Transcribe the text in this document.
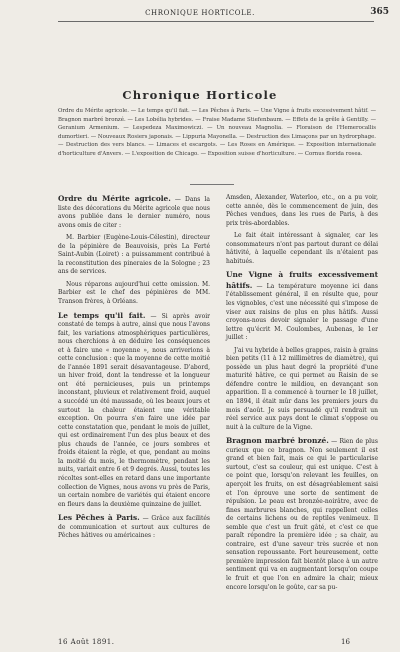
CHRONIQUE HORTICOLE.	365
Chronique Horticole
Ordre du Mérite agricole. — Le temps qu'il fait. — Les Pêches à Paris. — Une Vigne à fruits excessivement hâtif. — Bragnon marbré bronzé. — Les Lobélia hybrides. — Fraise Madame Stiefenbaum. — Effets de la grêle à Gentilly. — Geranium Armenium. — Lespedeza Maximowiczi. — Un nouveau Magnolia. — Floraison de l'Hemerocallis dumortieri. — Nouveaux Rosiers japonais. — Lippuria Mayonella. — Destruction des Limaçons par un hydrorphage. — Destruction des vers blancs. — Limaces et escargots. — Les Roses en Amérique. — Exposition internationale d'horticulture d'Anvers. — L'exposition de Chicago. — Exposition suisse d'horticulture. — Cornus florida rosea.
Ordre du Mérite agricole. — Dans la liste des décorations du Mérite agricole que nous avons publiée dans le dernier numéro, nous avons omis de citer :

M. Barbier (Eugène-Louis-Célestin), directeur de la pépinière de Beauvoisis, près La Ferté Saint-Aubin (Loiret) : a puissamment contribué à la reconstitution des pineraies de la Sologne ; 23 ans de services.

Nous réparons aujourd'hui cette omission. M. Barbier est le chef des pépinières de MM. Transon frères, à Orléans.

Le temps qu'il fait. — Si après avoir constaté de temps à autre, ainsi que nous l'avons fait, les variations atmosphériques particulières, nous cherchions à en déduire les conséquences et à faire une « moyenne », nous arriverions à cette conclusion : que la moyenne de cette moitié de l'année 1891 serait désavantageuse. D'abord, un hiver froid, dont la tendresse et la longueur ont été pernicieuses, puis un printemps inconstant, pluvieux et relativement froid, auquel a succédé un été maussade, où les beaux jours et surtout la chaleur étaient une véritable exception. On pourra s'en faire une idée par cette constatation que, pendant le mois de juillet, qui est ordinairement l'un des plus beaux et des plus chauds de l'année, ce jours sombres et froids étaient la règle, et que, pendant au moins la moitié du mois, le thermomètre, pendant les nuits, variait entre 6 et 9 degrés. Aussi, toutes les récoltes sont-elles en retard dans une importante collection de Vignes, nous avons vu près de Paris, un certain nombre de variétés qui étaient encore en fleurs dans la deuxième quinzaine de juillet.
Les Pêches à Paris. — Grâce aux facilités de communication et surtout aux cultures de Pêches hâtives ou américaines :

Amsden, Alexander, Waterloo, etc., on a pu voir, cette année, dès le commencement de juin, des Pêches vendues, dans les rues de Paris, à des prix très-abordables.

Le fait était intéressant à signaler, car les consommateurs n'ont pas partout durant ce délai hâtivité, à laquelle cependant ils n'étaient pas habitués.

Une Vigne à fruits excessivement hâtifs. — La température moyenne ici dans l'établissement général, il en résulte que, pour les vignobles, c'est une nécessité qui s'impose de viser aux raisins de plus en plus hâtifs. Aussi croyons-nous devoir signaler le passage d'une lettre qu'écrit M. Coulombes, Aubenas, le 1er juillet :

J'ai vu hybride à belles grappes, raisin à grains bien petits (11 à 12 millimètres de diamètre), qui possède un plus haut degré la propriété d'une maturité hâtive, ce qui permet au Raisin de se défendre contre le mildiou, en devançant son apparition. Il a commencé à tourner le 18 juillet, en 1894, il était mûr dans les premiers jours du mois d'août. Je suis persuadé qu'il rendrait un réel service aux pays dont le climat s'oppose ou nuit à la culture de la Vigne.

Bragnon marbré bronzé. — Rien de plus curieux que ce bragnon. Non seulement il est grand et bien fait, mais ce qui le particularise surtout, c'est sa couleur, qui est unique. C'est à ce point que, lorsqu'on relevant les feuilles, on aperçoit les fruits, on est désagréablement saisi et l'on éprouve une sorte de sentiment de répulsion. Le peau est bronzée-noirâtre, avec de fines marbrures blanches, qui rappellent celles de certains lichens ou de reptiles venimeux. Il semble que c'est un fruit gâté, et c'est ce que paraît répondre la première idée ; sa chair, au contraire, est d'une saveur très sucrée et non sensation repoussante. Fort heureusement, cette première impression fait bientôt place à un autre sentiment qui va en augmentant lorsqu'on coupe le fruit et que l'on en admire la chair, mieux encore lorsqu'on le goûte, car sa pu-
16 Août 1891.	16
